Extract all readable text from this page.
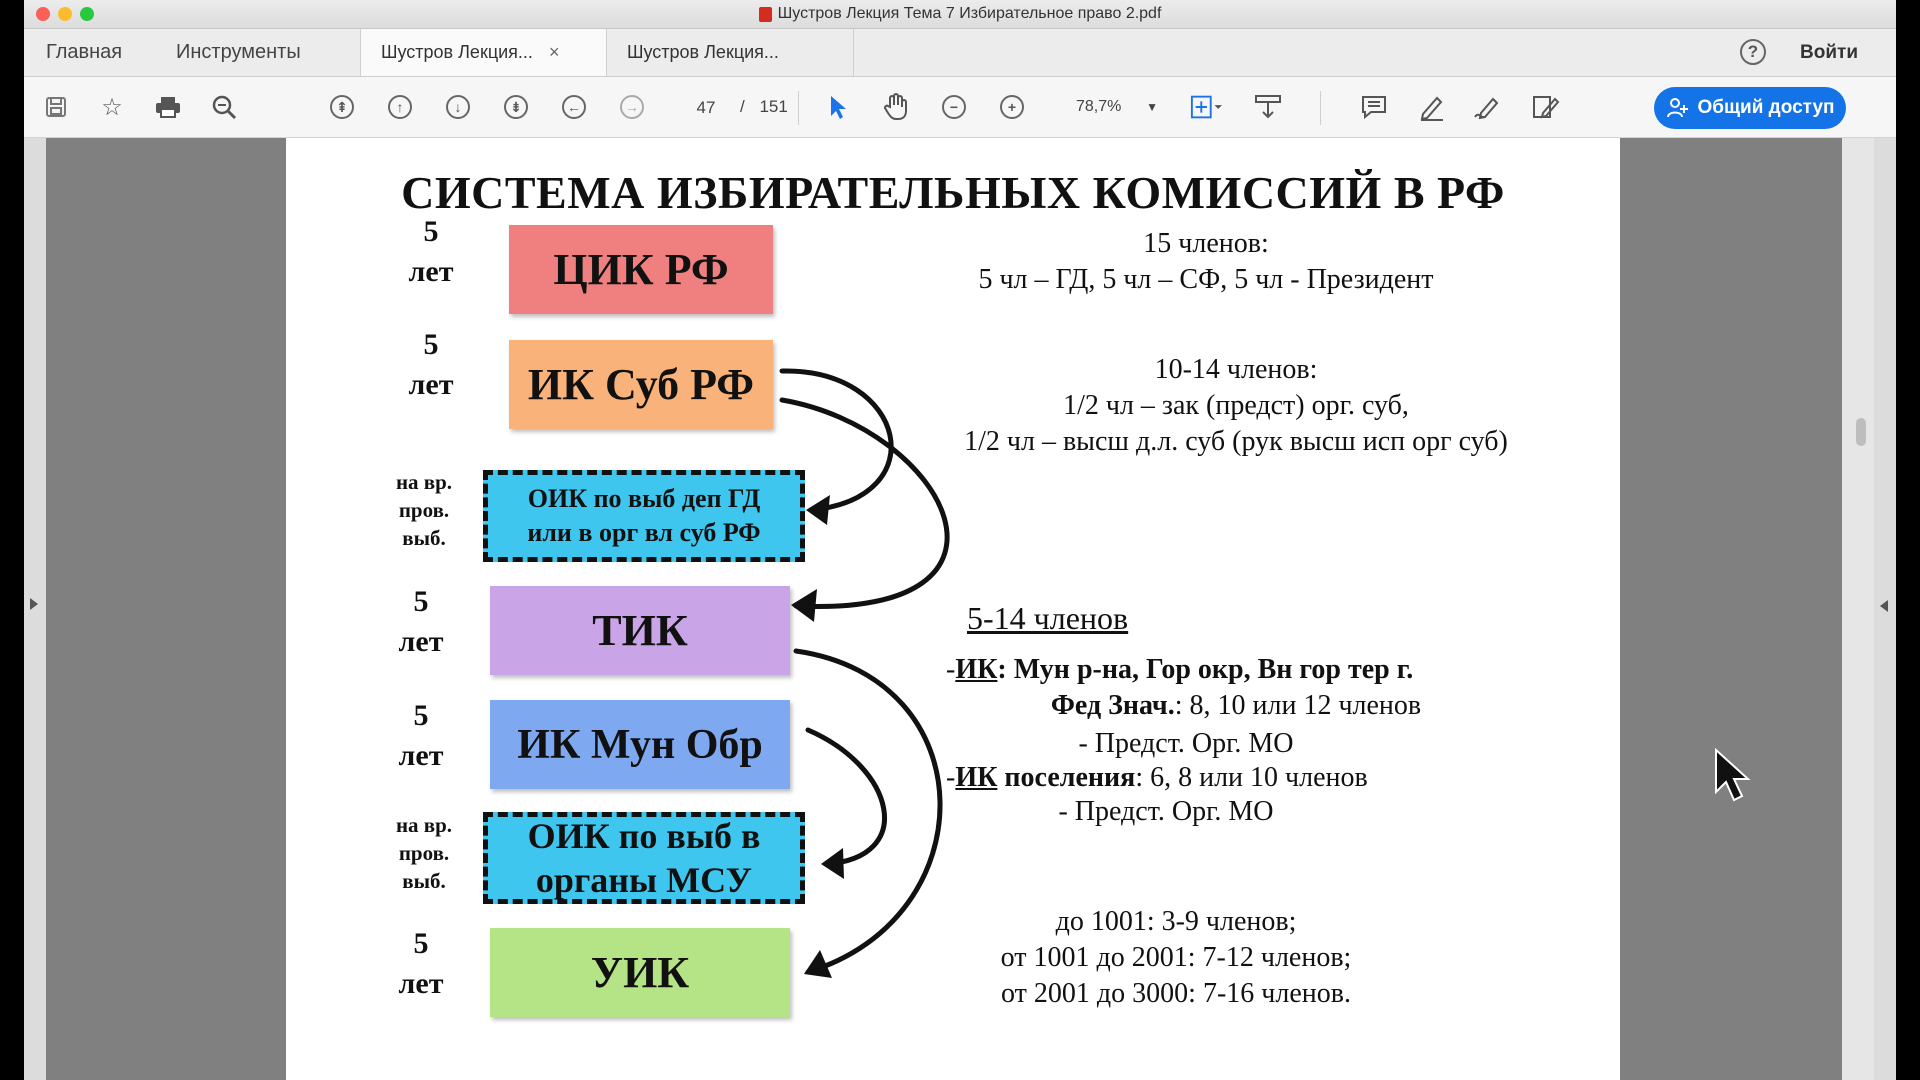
Шустров Лекция Тема 7 Избирательное право 2.pdf
Главная	Инструменты	Шустров Лекция... ×	Шустров Лекция...	?	Войти
☆	⇞	↑	↓	⇟	←	→	47	/ 151	−	+	78,7% ▼	Общий доступ
СИСТЕМА ИЗБИРАТЕЛЬНЫХ КОМИССИЙ В РФ
5
лет	ЦИК РФ
15 членов:
5 чл – ГД, 5 чл – СФ, 5 чл - Президент
5
лет	ИК Суб РФ	10-14 членов:
1/2 чл – зак (предст) орг. суб,
1/2 чл – высш д.л. суб (рук высш исп орг суб)
на вр.
пров.
выб.
ОИК по выб деп ГД
или в орг вл суб РФ
5
лет	ТИК	5-14 членов
-ИК: Мун р-на, Гор окр, Вн гор тер г.
Фед Знач.: 8, 10 или 12 членов
- Предст. Орг. МО
-ИК поселения: 6, 8 или 10 членов
- Предст. Орг. МО
5
лет	ИК Мун Обр
на вр.
пров.
выб.
ОИК по выб в
органы МСУ
5
лет	УИК
до 1001: 3-9 членов;
от 1001 до 2001: 7-12 членов;
от 2001 до 3000: 7-16 членов.
